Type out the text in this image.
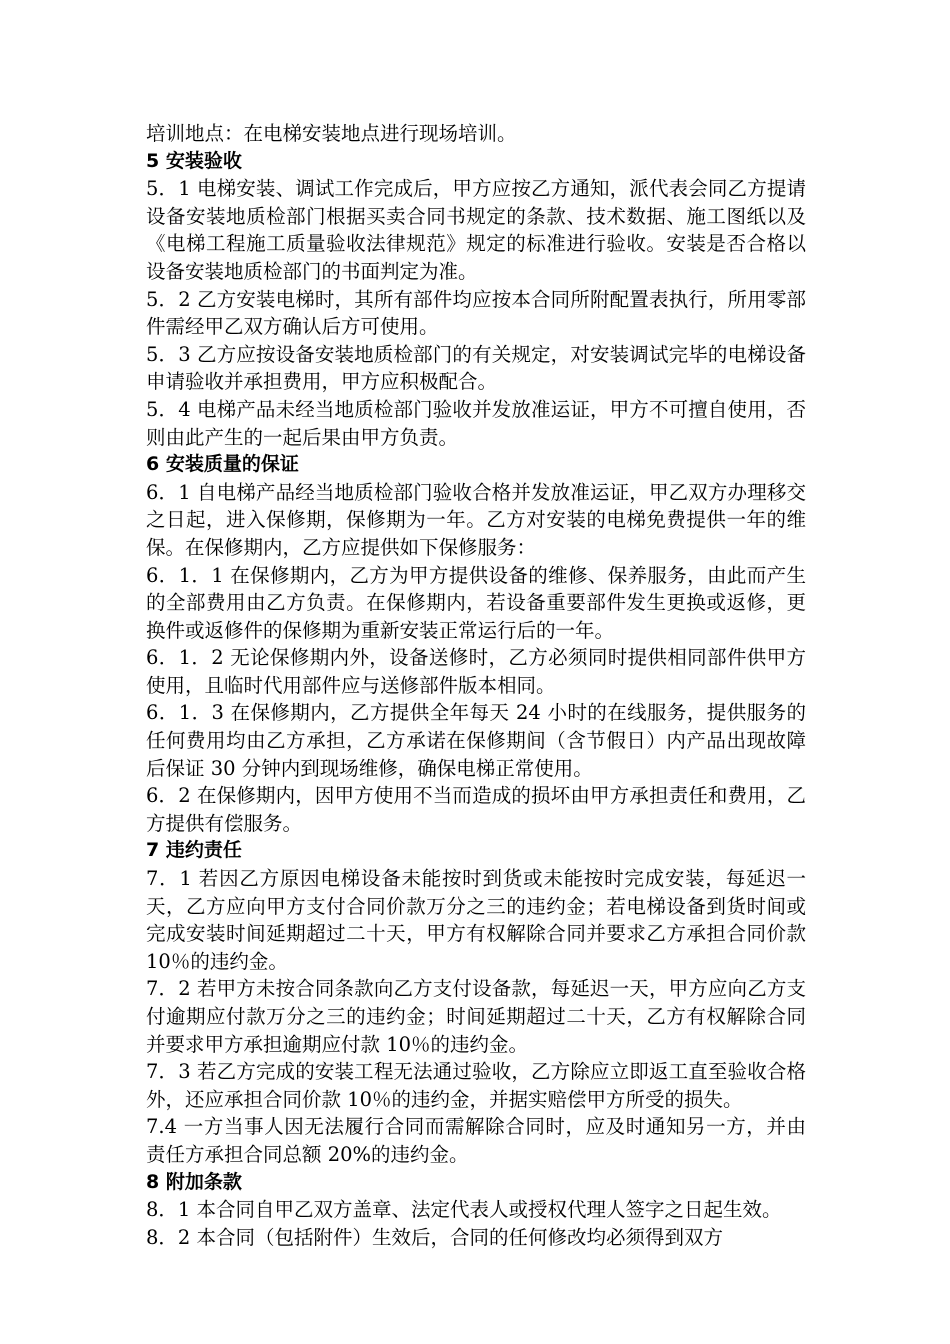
培训地点：在电梯安装地点进行现场培训。
5 安装验收
5．1 电梯安装、调试工作完成后，甲方应按乙方通知，派代表会同乙方提请设备安装地质检部门根据买卖合同书规定的条款、技术数据、施工图纸以及《电梯工程施工质量验收法律规范》规定的标准进行验收。安装是否合格以设备安装地质检部门的书面判定为准。
5．2 乙方安装电梯时，其所有部件均应按本合同所附配置表执行，所用零部件需经甲乙双方确认后方可使用。
5．3 乙方应按设备安装地质检部门的有关规定，对安装调试完毕的电梯设备申请验收并承担费用，甲方应积极配合。
5．4 电梯产品未经当地质检部门验收并发放准运证，甲方不可擅自使用，否则由此产生的一起后果由甲方负责。
6 安装质量的保证
6．1 自电梯产品经当地质检部门验收合格并发放准运证，甲乙双方办理移交之日起，进入保修期，保修期为一年。乙方对安装的电梯免费提供一年的维保。在保修期内，乙方应提供如下保修服务：
6．1．1 在保修期内，乙方为甲方提供设备的维修、保养服务，由此而产生的全部费用由乙方负责。在保修期内，若设备重要部件发生更换或返修，更换件或返修件的保修期为重新安装正常运行后的一年。
6．1．2 无论保修期内外，设备送修时，乙方必须同时提供相同部件供甲方使用，且临时代用部件应与送修部件版本相同。
6．1．3 在保修期内，乙方提供全年每天 24 小时的在线服务，提供服务的任何费用均由乙方承担，乙方承诺在保修期间（含节假日）内产品出现故障后保证 30 分钟内到现场维修，确保电梯正常使用。
6．2 在保修期内，因甲方使用不当而造成的损坏由甲方承担责任和费用，乙方提供有偿服务。
7 违约责任
7．1 若因乙方原因电梯设备未能按时到货或未能按时完成安装，每延迟一天，乙方应向甲方支付合同价款万分之三的违约金；若电梯设备到货时间或完成安装时间延期超过二十天，甲方有权解除合同并要求乙方承担合同价款 10％的违约金。
7．2 若甲方未按合同条款向乙方支付设备款，每延迟一天，甲方应向乙方支付逾期应付款万分之三的违约金；时间延期超过二十天，乙方有权解除合同并要求甲方承担逾期应付款 10％的违约金。
7．3 若乙方完成的安装工程无法通过验收，乙方除应立即返工直至验收合格外，还应承担合同价款 10％的违约金，并据实赔偿甲方所受的损失。
7.4 一方当事人因无法履行合同而需解除合同时，应及时通知另一方，并由责任方承担合同总额 20%的违约金。
8 附加条款
8．1 本合同自甲乙双方盖章、法定代表人或授权代理人签字之日起生效。
8．2 本合同（包括附件）生效后，合同的任何修改均必须得到双方
